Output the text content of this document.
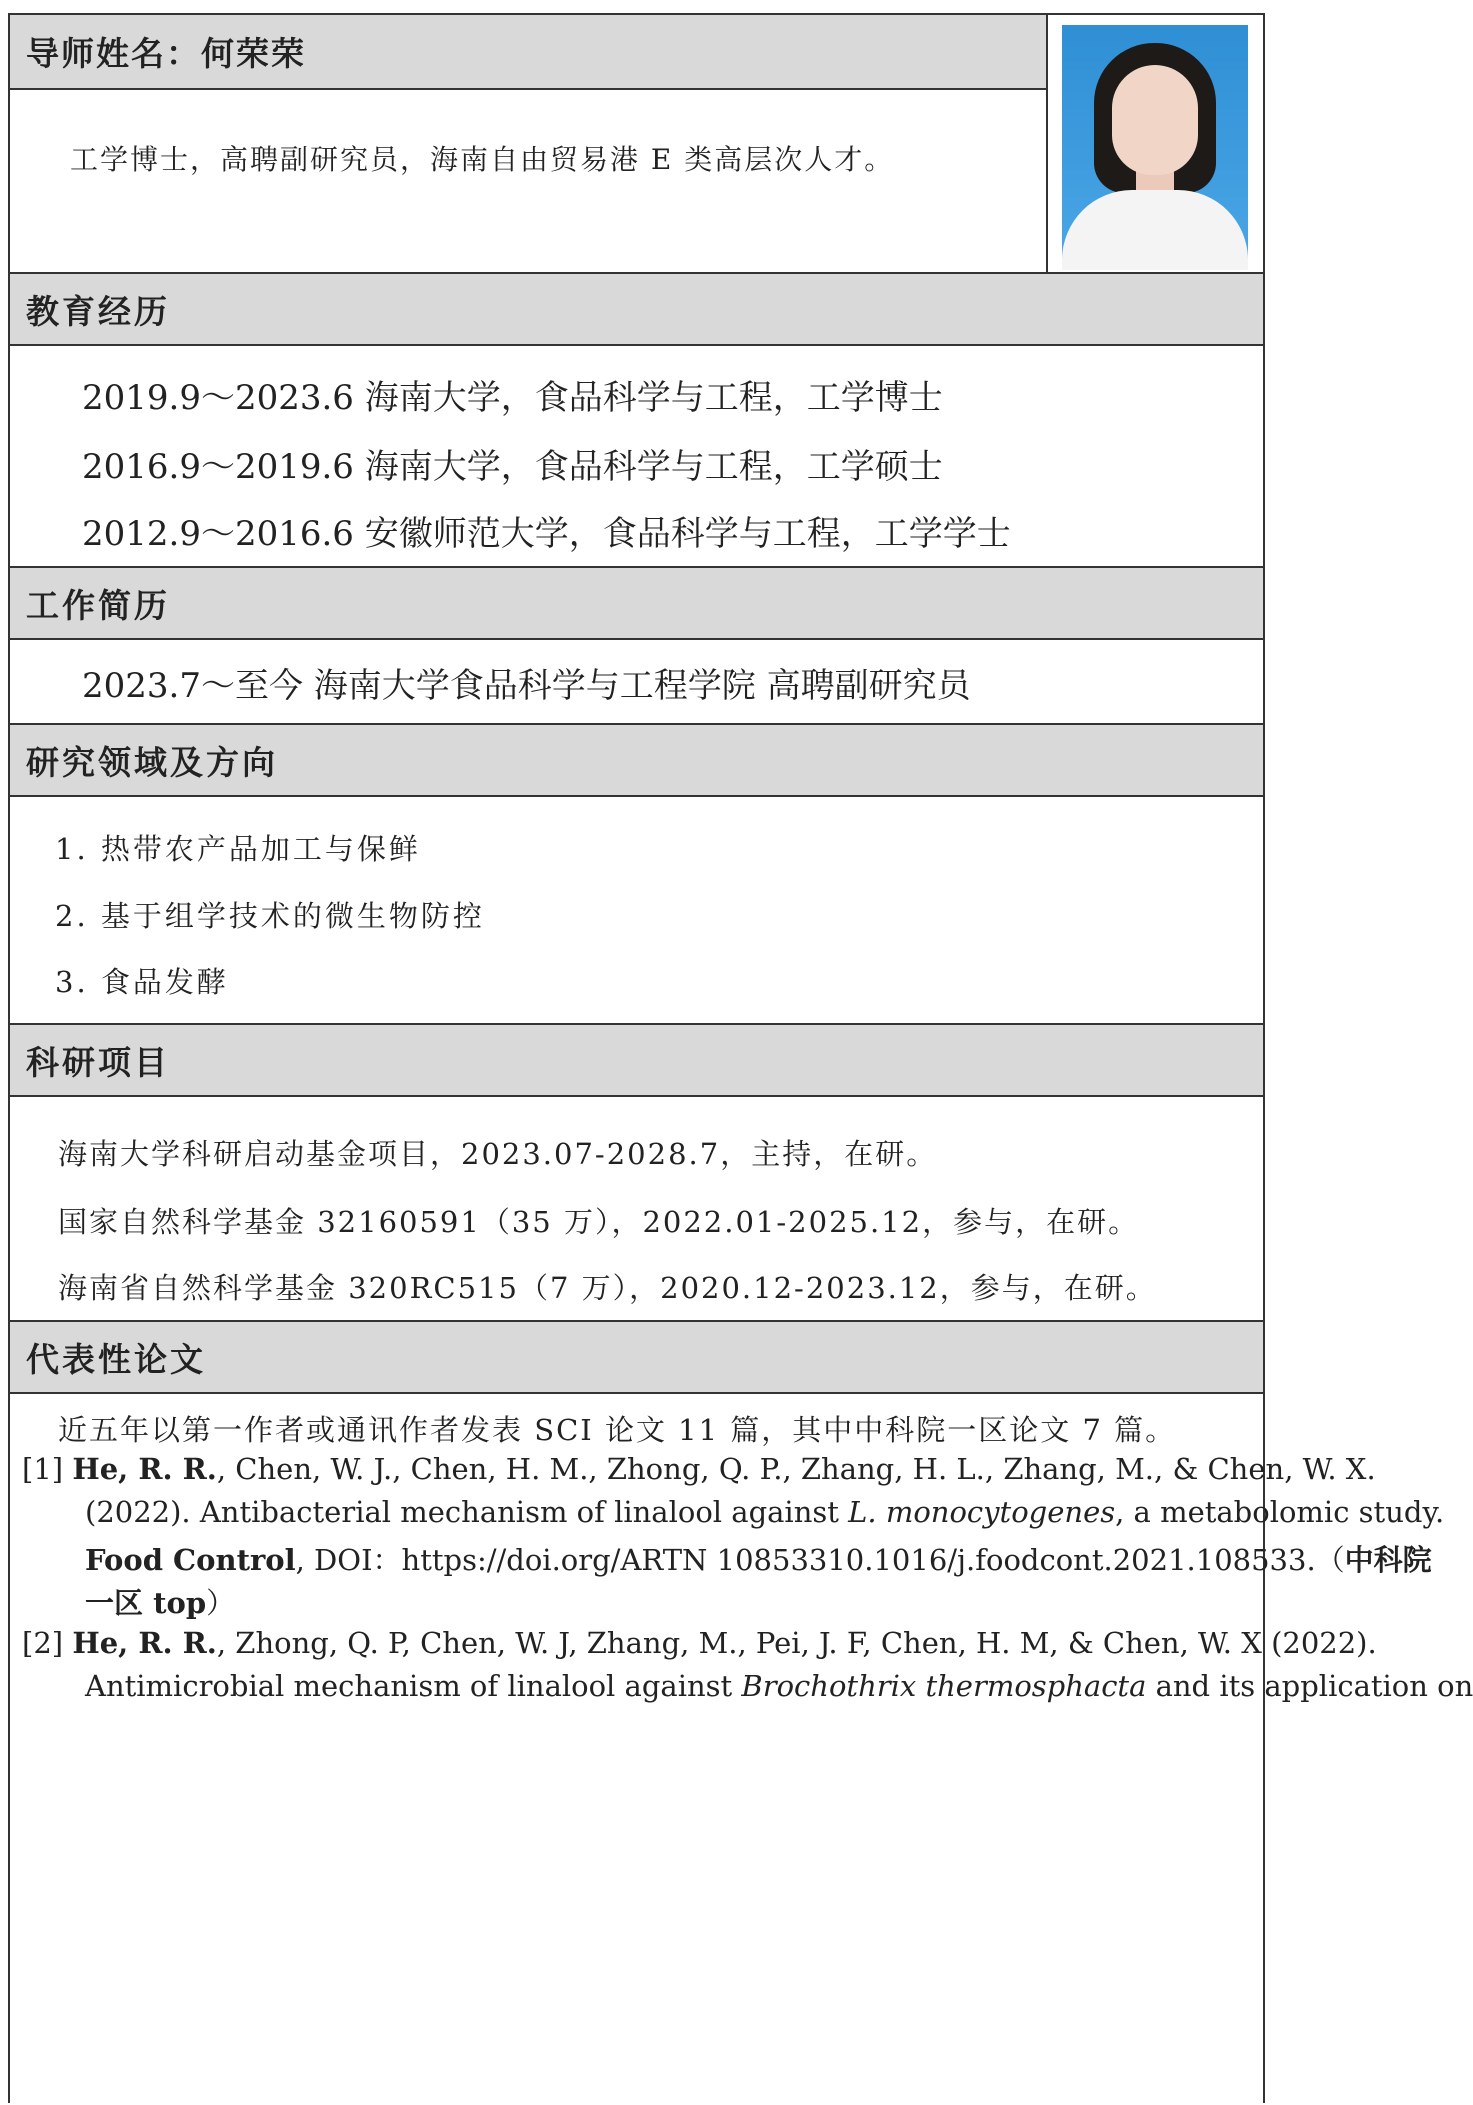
导师姓名：何荣荣
工学博士，高聘副研究员，海南自由贸易港 E 类高层次人才。
教育经历
2019.9～2023.6 海南大学，食品科学与工程，工学博士
2016.9～2019.6 海南大学，食品科学与工程，工学硕士
2012.9～2016.6 安徽师范大学，食品科学与工程，工学学士
工作简历
2023.7～至今 海南大学食品科学与工程学院 高聘副研究员
研究领域及方向
1. 热带农产品加工与保鲜
2. 基于组学技术的微生物防控
3. 食品发酵
科研项目
海南大学科研启动基金项目，2023.07-2028.7，主持，在研。
国家自然科学基金 32160591（35 万），2022.01-2025.12，参与，在研。
海南省自然科学基金 320RC515（7 万），2020.12-2023.12，参与，在研。
代表性论文
近五年以第一作者或通讯作者发表 SCI 论文 11 篇，其中中科院一区论文 7 篇。
[1] He, R. R., Chen, W. J., Chen, H. M., Zhong, Q. P., Zhang, H. L., Zhang, M., & Chen, W. X.
(2022). Antibacterial mechanism of linalool against L. monocytogenes, a metabolomic study.
Food Control, DOI：https://doi.org/ARTN 10853310.1016/j.foodcont.2021.108533.（中科院
一区 top）
[2] He, R. R., Zhong, Q. P, Chen, W. J, Zhang, M., Pei, J. F, Chen, H. M, & Chen, W. X (2022).
Antimicrobial mechanism of linalool against Brochothrix thermosphacta and its application on
